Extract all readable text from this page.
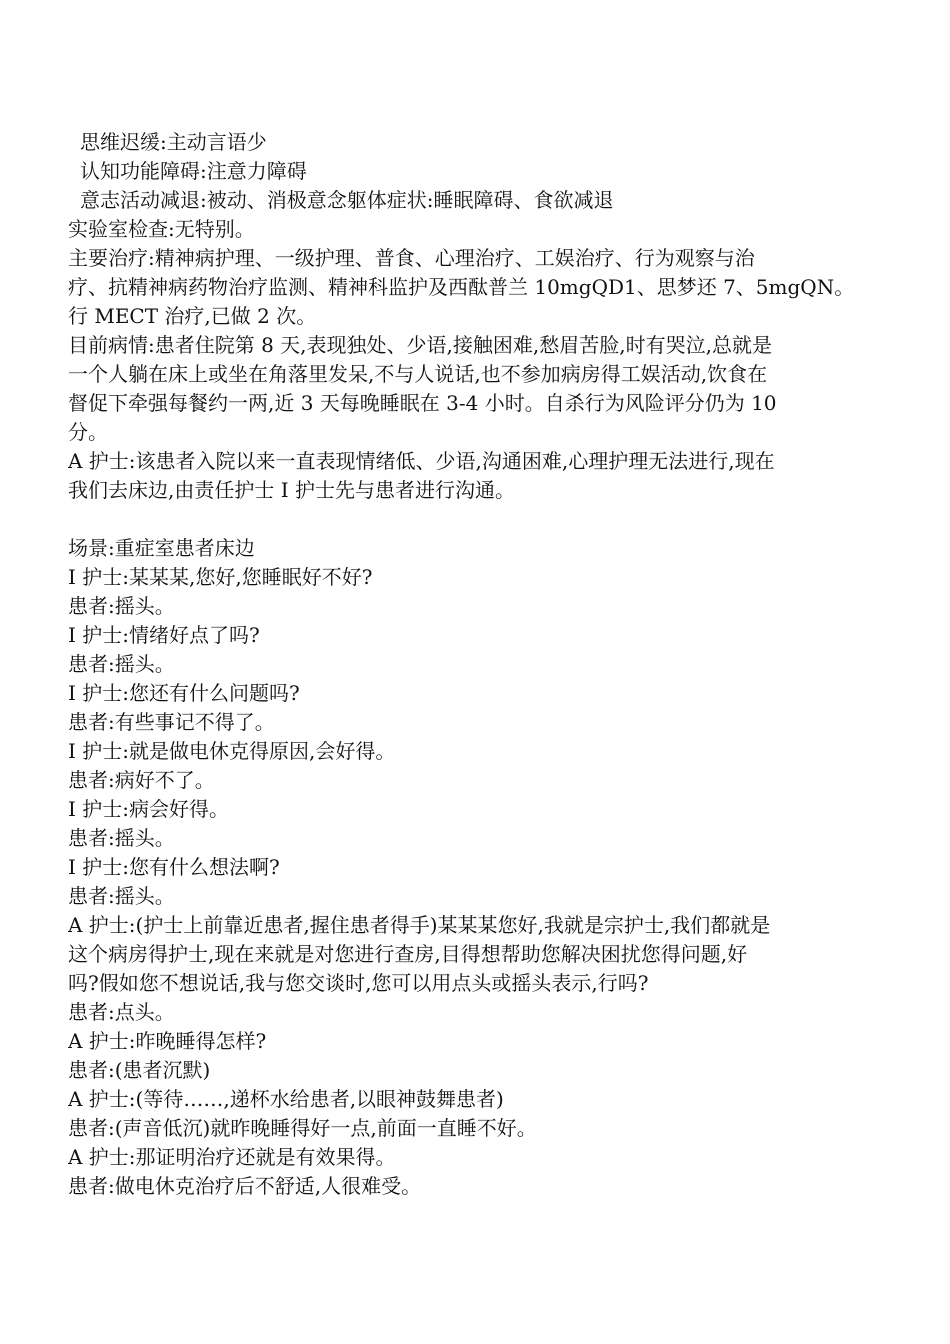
思维迟缓:主动言语少
认知功能障碍:注意力障碍
意志活动减退:被动、消极意念躯体症状:睡眠障碍、食欲减退
实验室检查:无特别。
主要治疗:精神病护理、一级护理、普食、心理治疗、工娱治疗、行为观察与治
疗、抗精神病药物治疗监测、精神科监护及西酞普兰 10mgQD1、思梦还 7、5mgQN。
行 MECT 治疗,已做 2 次。
目前病情:患者住院第 8 天,表现独处、少语,接触困难,愁眉苦脸,时有哭泣,总就是
一个人躺在床上或坐在角落里发呆,不与人说话,也不参加病房得工娱活动,饮食在
督促下牵强每餐约一两,近 3 天每晚睡眠在 3-4 小时。自杀行为风险评分仍为 10
分。
A 护士:该患者入院以来一直表现情绪低、少语,沟通困难,心理护理无法进行,现在
我们去床边,由责任护士 I 护士先与患者进行沟通。
场景:重症室患者床边
I 护士:某某某,您好,您睡眠好不好?
患者:摇头。
I 护士:情绪好点了吗?
患者:摇头。
I 护士:您还有什么问题吗?
患者:有些事记不得了。
I 护士:就是做电休克得原因,会好得。
患者:病好不了。
I 护士:病会好得。
患者:摇头。
I 护士:您有什么想法啊?
患者:摇头。
A 护士:(护士上前靠近患者,握住患者得手)某某某您好,我就是宗护士,我们都就是
这个病房得护士,现在来就是对您进行查房,目得想帮助您解决困扰您得问题,好
吗?假如您不想说话,我与您交谈时,您可以用点头或摇头表示,行吗?
患者:点头。
A 护士:昨晚睡得怎样?
患者:(患者沉默)
A 护士:(等待……,递杯水给患者,以眼神鼓舞患者)
患者:(声音低沉)就昨晚睡得好一点,前面一直睡不好。
A 护士:那证明治疗还就是有效果得。
患者:做电休克治疗后不舒适,人很难受。
